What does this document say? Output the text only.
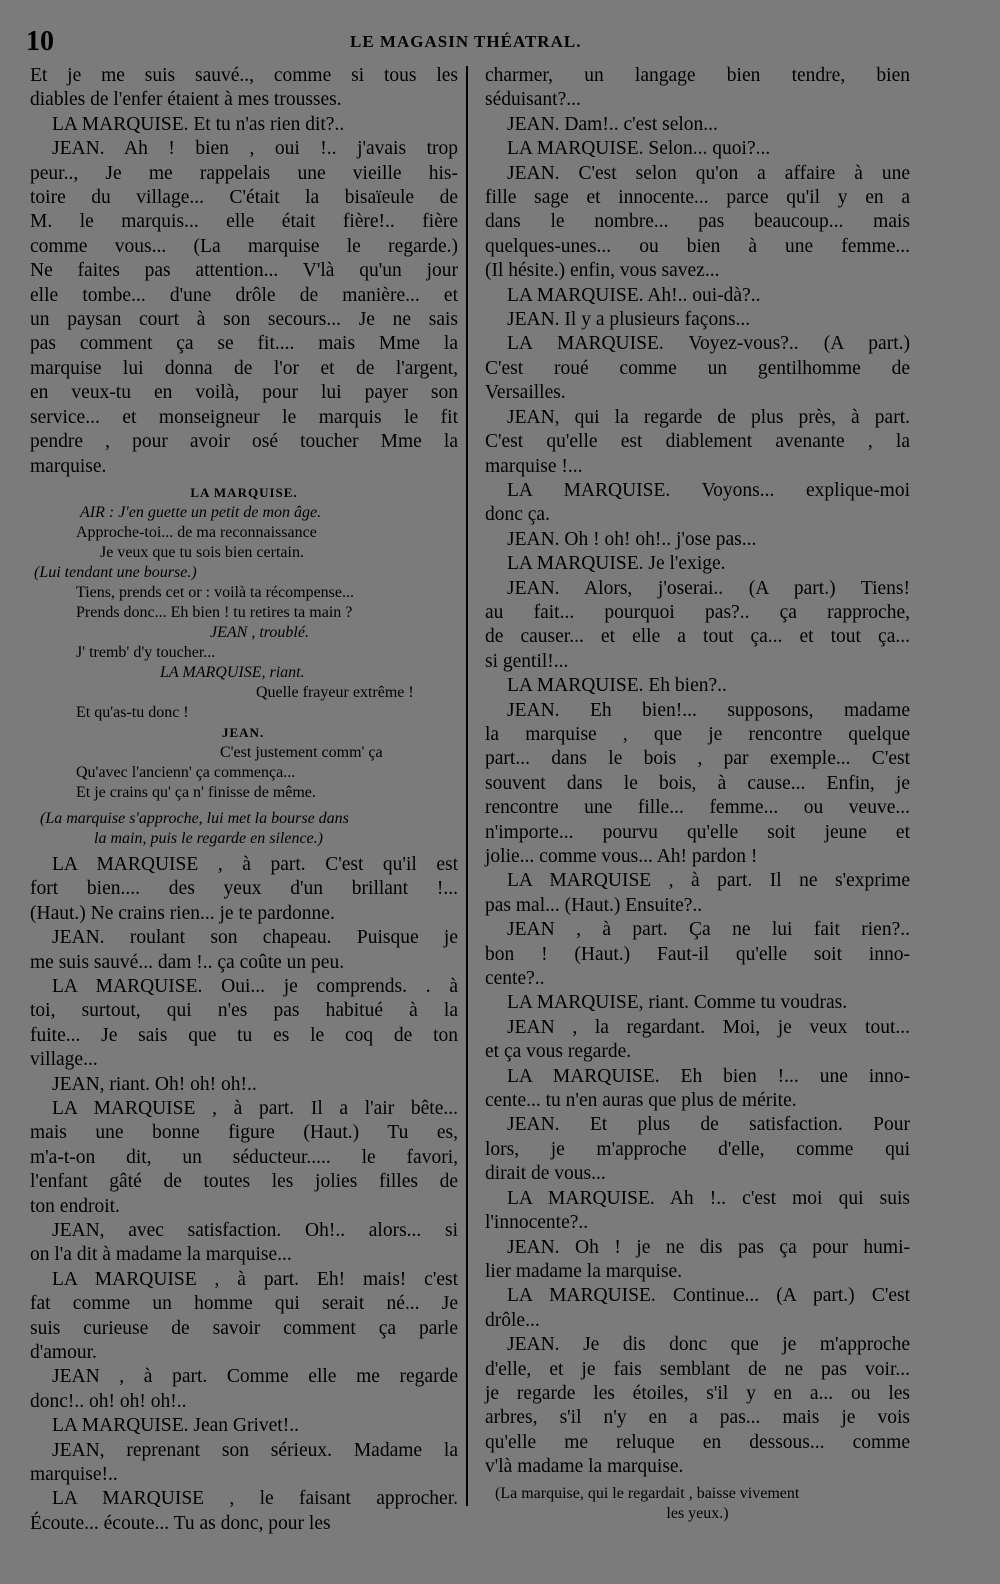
10	LE MAGASIN THÉATRAL.
Et je me suis sauvé.., comme si tous les
diables de l'enfer étaient à mes trousses.
LA MARQUISE. Et tu n'as rien dit?..
JEAN. Ah ! bien , oui !.. j'avais trop
peur.., Je me rappelais une vieille his-
toire du village... C'était la bisaïeule de
M. le marquis... elle était fière!.. fière
comme vous... (La marquise le regarde.)
Ne faites pas attention... V'là qu'un jour
elle tombe... d'une drôle de manière... et
un paysan court à son secours... Je ne sais
pas comment ça se fit.... mais Mme la
marquise lui donna de l'or et de l'argent,
en veux-tu en voilà, pour lui payer son
service... et monseigneur le marquis le fit
pendre , pour avoir osé toucher Mme la
marquise.
LA MARQUISE.
AIR : J'en guette un petit de mon âge.
Approche-toi... de ma reconnaissance
Je veux que tu sois bien certain.
(Lui tendant une bourse.)
Tiens, prends cet or : voilà ta récompense...
Prends donc... Eh bien ! tu retires ta main ?
JEAN , troublé.
J' tremb' d'y toucher...
LA MARQUISE, riant.
Quelle frayeur extrême !
Et qu'as-tu donc !
JEAN.
C'est justement comm' ça
Qu'avec l'ancienn' ça commença...
Et je crains qu' ça n' finisse de même.
(La marquise s'approche, lui met la bourse dans
la main, puis le regarde en silence.)
LA MARQUISE , à part. C'est qu'il est
fort bien.... des yeux d'un brillant !...
(Haut.) Ne crains rien... je te pardonne.
JEAN. roulant son chapeau. Puisque je
me suis sauvé... dam !.. ça coûte un peu.
LA MARQUISE. Oui... je comprends. . à
toi, surtout, qui n'es pas habitué à la
fuite... Je sais que tu es le coq de ton
village...
JEAN, riant. Oh! oh! oh!..
LA MARQUISE , à part. Il a l'air bête...
mais une bonne figure (Haut.) Tu es,
m'a-t-on dit, un séducteur..... le favori,
l'enfant gâté de toutes les jolies filles de
ton endroit.
JEAN, avec satisfaction. Oh!.. alors... si
on l'a dit à madame la marquise...
LA MARQUISE , à part. Eh! mais! c'est
fat comme un homme qui serait né... Je
suis curieuse de savoir comment ça parle
d'amour.
JEAN , à part. Comme elle me regarde
donc!.. oh! oh! oh!..
LA MARQUISE. Jean Grivet!..
JEAN, reprenant son sérieux. Madame la
marquise!..
LA MARQUISE , le faisant approcher.
Écoute... écoute... Tu as donc, pour les
charmer, un langage bien tendre, bien
séduisant?...
JEAN. Dam!.. c'est selon...
LA MARQUISE. Selon... quoi?...
JEAN. C'est selon qu'on a affaire à une
fille sage et innocente... parce qu'il y en a
dans le nombre... pas beaucoup... mais
quelques-unes... ou bien à une femme...
(Il hésite.) enfin, vous savez...
LA MARQUISE. Ah!.. oui-dà?..
JEAN. Il y a plusieurs façons...
LA MARQUISE. Voyez-vous?.. (A part.)
C'est roué comme un gentilhomme de
Versailles.
JEAN, qui la regarde de plus près, à part.
C'est qu'elle est diablement avenante , la
marquise !...
LA MARQUISE. Voyons... explique-moi
donc ça.
JEAN. Oh ! oh! oh!.. j'ose pas...
LA MARQUISE. Je l'exige.
JEAN. Alors, j'oserai.. (A part.) Tiens!
au fait... pourquoi pas?.. ça rapproche,
de causer... et elle a tout ça... et tout ça...
si gentil!...
LA MARQUISE. Eh bien?..
JEAN. Eh bien!... supposons, madame
la marquise , que je rencontre quelque
part... dans le bois , par exemple... C'est
souvent dans le bois, à cause... Enfin, je
rencontre une fille... femme... ou veuve...
n'importe... pourvu qu'elle soit jeune et
jolie... comme vous... Ah! pardon !
LA MARQUISE , à part. Il ne s'exprime
pas mal... (Haut.) Ensuite?..
JEAN , à part. Ça ne lui fait rien?..
bon ! (Haut.) Faut-il qu'elle soit inno-
cente?..
LA MARQUISE, riant. Comme tu voudras.
JEAN , la regardant. Moi, je veux tout...
et ça vous regarde.
LA MARQUISE. Eh bien !... une inno-
cente... tu n'en auras que plus de mérite.
JEAN. Et plus de satisfaction. Pour
lors, je m'approche d'elle, comme qui
dirait de vous...
LA MARQUISE. Ah !.. c'est moi qui suis
l'innocente?..
JEAN. Oh ! je ne dis pas ça pour humi-
lier madame la marquise.
LA MARQUISE. Continue... (A part.) C'est
drôle...
JEAN. Je dis donc que je m'approche
d'elle, et je fais semblant de ne pas voir...
je regarde les étoiles, s'il y en a... ou les
arbres, s'il n'y en a pas... mais je vois
qu'elle me reluque en dessous... comme
v'là madame la marquise.
(La marquise, qui le regardait , baisse vivement
les yeux.)
